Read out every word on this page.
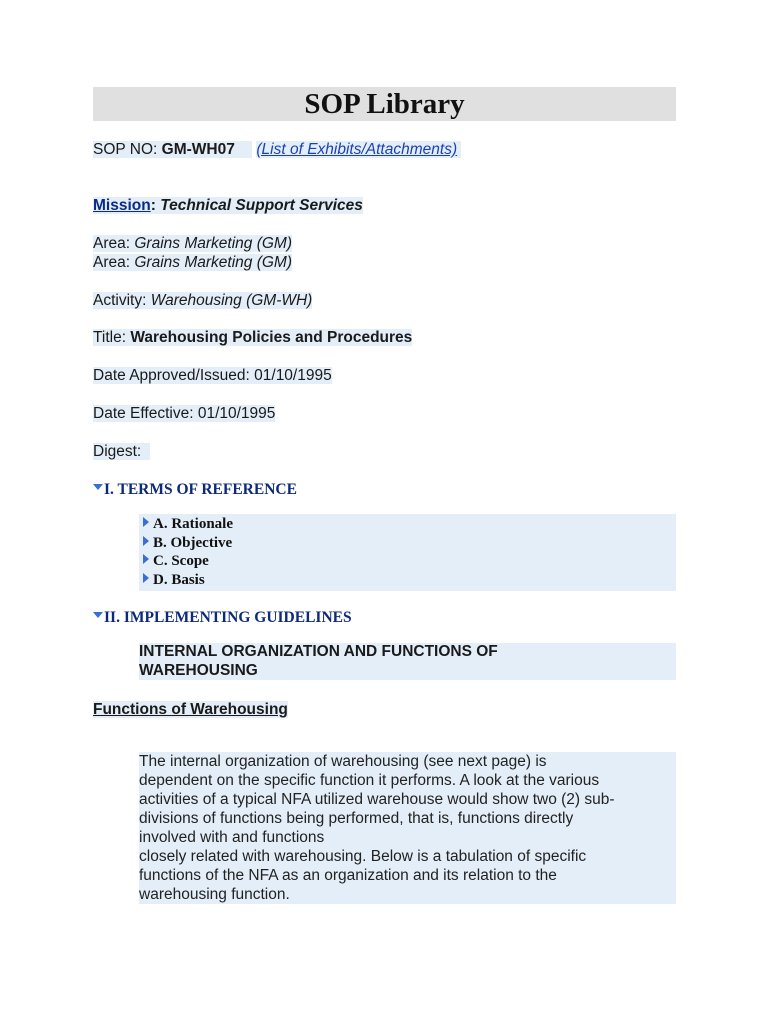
SOP Library
SOP NO: GM-WH07 (List of Exhibits/Attachments)
Mission: Technical Support Services
Area: Grains Marketing (GM)
Area: Grains Marketing (GM)
Activity: Warehousing (GM-WH)
Title: Warehousing Policies and Procedures
Date Approved/Issued: 01/10/1995
Date Effective: 01/10/1995
Digest:
I. TERMS OF REFERENCE
A. Rationale
B. Objective
C. Scope
D. Basis
II. IMPLEMENTING GUIDELINES
INTERNAL ORGANIZATION AND FUNCTIONS OF
WAREHOUSING
Functions of Warehousing
The internal organization of warehousing (see next page) is
dependent on the specific function it performs. A look at the various
activities of a typical NFA utilized warehouse would show two (2) sub-
divisions of functions being performed, that is, functions directly
involved with and functions
closely related with warehousing. Below is a tabulation of specific
functions of the NFA as an organization and its relation to the
warehousing function.
